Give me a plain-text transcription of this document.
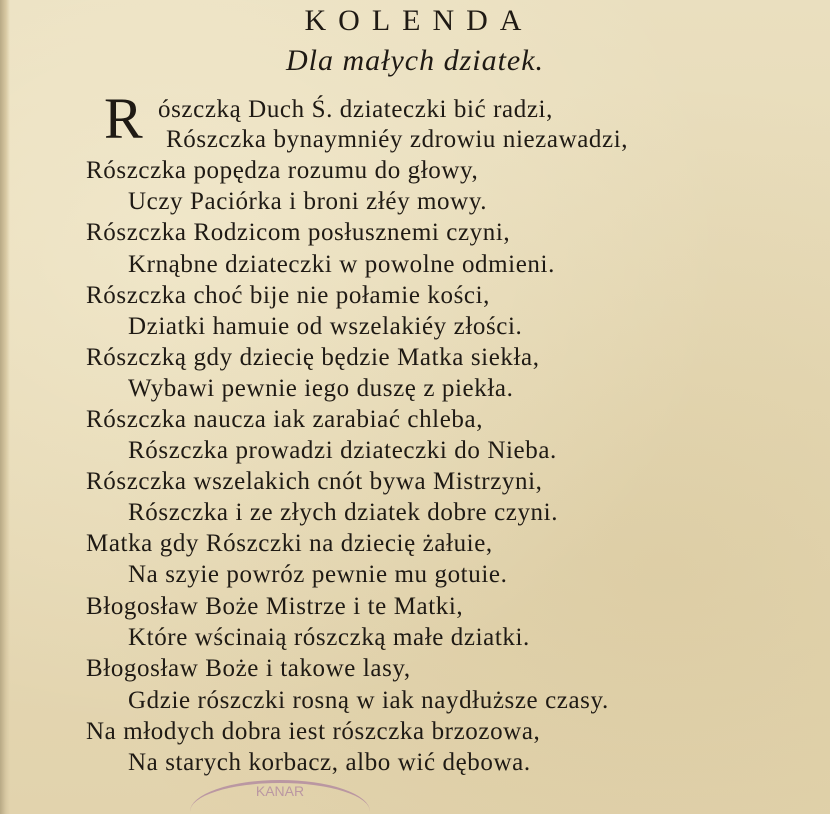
KOLENDA
Dla małych dziatek.
R ószczką Duch Ś. dziateczki bić radzi,
Rószczka bynaymniéy zdrowiu niezawadzi,
Rószczka popędza rozumu do głowy,
Uczy Paciórka i broni złéy mowy.
Rószczka Rodzicom posłusznemi czyni,
Krnąbne dziateczki w powolne odmieni.
Rószczka choć bije nie połamie kości,
Dziatki hamuie od wszelakiéy złości.
Rószczką gdy dziecię będzie Matka siekła,
Wybawi pewnie iego duszę z piekła.
Rószczka naucza iak zarabiać chleba,
Rószczka prowadzi dziateczki do Nieba.
Rószczka wszelakich cnót bywa Mistrzyni,
Rószczka i ze złych dziatek dobre czyni.
Matka gdy Rószczki na dziecię żałuie,
Na szyie powróz pewnie mu gotuie.
Błogosław Boże Mistrze i te Matki,
Które wścinaią rószczką małe dziatki.
Błogosław Boże i takowe lasy,
Gdzie rószczki rosną w iak naydłuższe czasy.
Na młodych dobra iest rószczka brzozowa,
Na starych korbacz, albo wić dębowa.
KANAR
